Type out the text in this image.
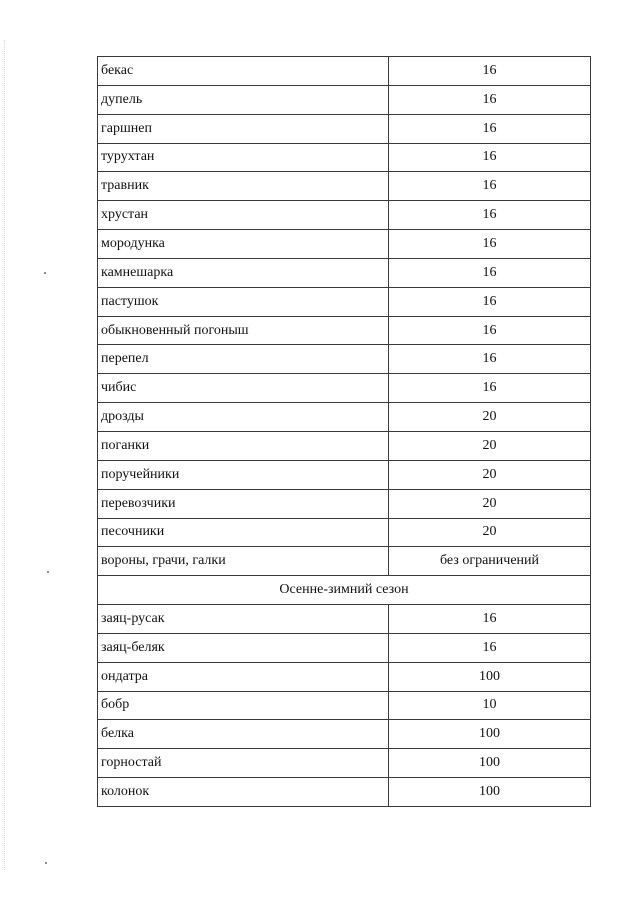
бекас	16
дупель	16
гаршнеп	16
турухтан	16
травник	16
хрустан	16
мородунка	16
камнешарка	16
пастушок	16
обыкновенный погоныш	16
перепел	16
чибис	16
дрозды	20
поганки	20
поручейники	20
перевозчики	20
песочники	20
вороны, грачи, галки	без ограничений
Осенне-зимний сезон	
заяц-русак	16
заяц-беляк	16
ондатра	100
бобр	10
белка	100
горностай	100
колонок	100
